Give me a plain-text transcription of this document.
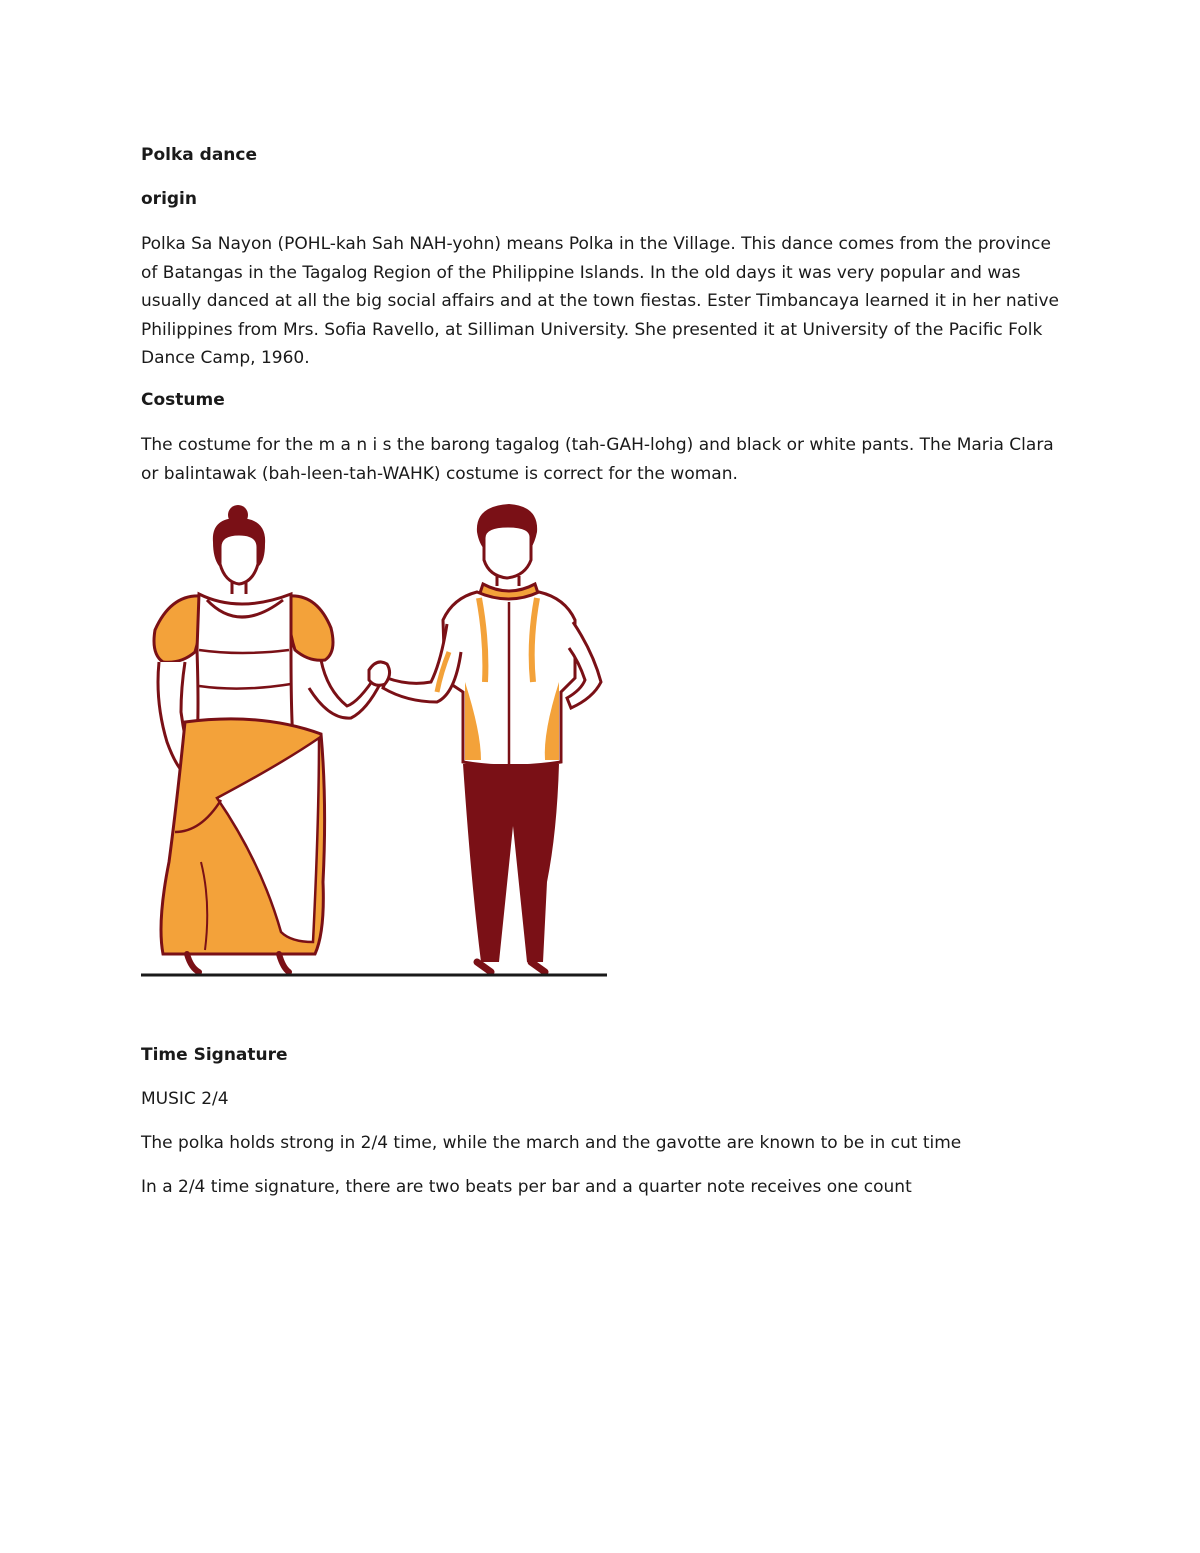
Polka dance

origin

Polka Sa Nayon (POHL-kah Sah NAH-yohn) means Polka in the Village. This dance comes from the province of Batangas in the Tagalog Region of the Philippine Islands. In the old days it was very popular and was usually danced at all the big social affairs and at the town fiestas. Ester Timbancaya learned it in her native Philippines from Mrs. Sofia Ravello, at Silliman University. She presented it at University of the Pacific Folk Dance Camp, 1960.

Costume

The costume for the m a n i s the barong tagalog (tah-GAH-lohg) and black or white pants. The Maria Clara or balintawak (bah-leen-tah-WAHK) costume is correct for the woman.

Time Signature

MUSIC 2/4

The polka holds strong in 2/4 time, while the march and the gavotte are known to be in cut time

In a 2/4 time signature, there are two beats per bar and a quarter note receives one count
